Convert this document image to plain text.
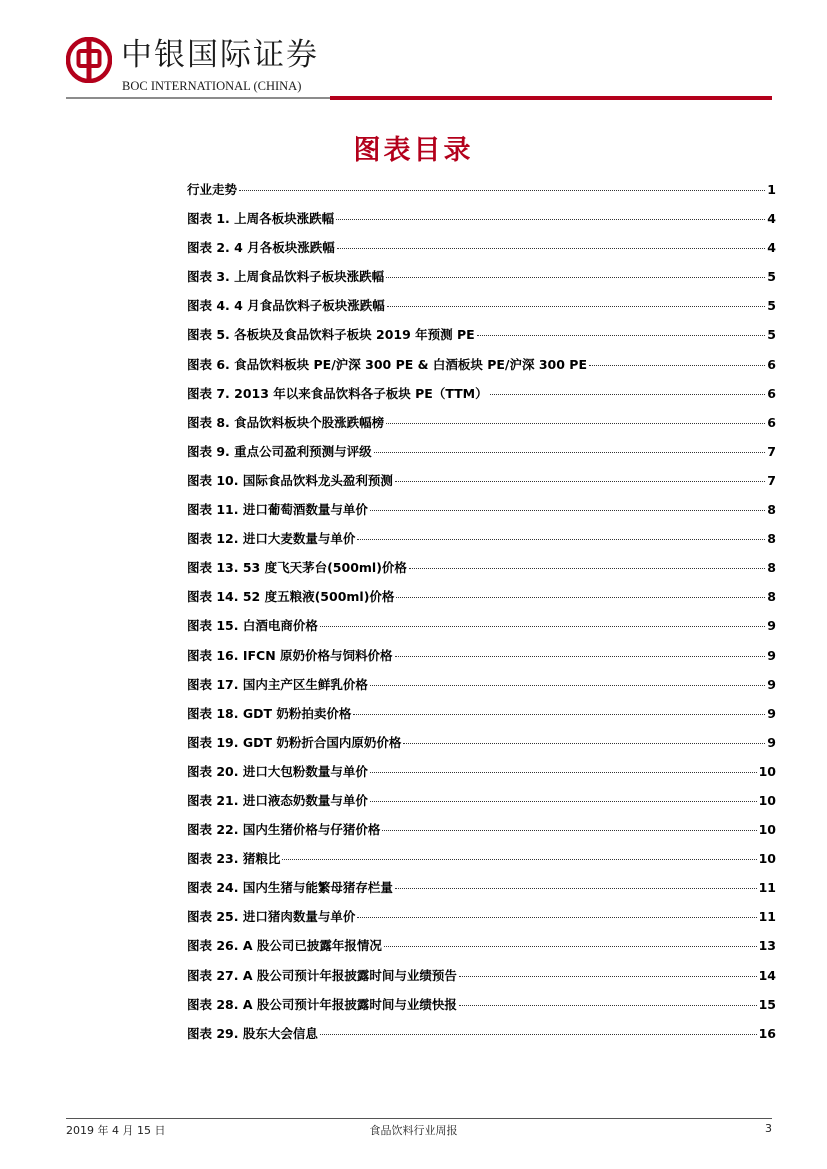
中银国际证券
BOC INTERNATIONAL (CHINA)
图表目录
行业走势	1
图表 1. 上周各板块涨跌幅	4
图表 2. 4 月各板块涨跌幅	4
图表 3. 上周食品饮料子板块涨跌幅	5
图表 4. 4 月食品饮料子板块涨跌幅	5
图表 5. 各板块及食品饮料子板块 2019 年预测 PE	5
图表 6. 食品饮料板块 PE/沪深 300 PE & 白酒板块 PE/沪深 300 PE	6
图表 7. 2013 年以来食品饮料各子板块 PE（TTM）	6
图表 8. 食品饮料板块个股涨跌幅榜	6
图表 9. 重点公司盈利预测与评级	7
图表 10. 国际食品饮料龙头盈利预测	7
图表 11. 进口葡萄酒数量与单价	8
图表 12. 进口大麦数量与单价	8
图表 13. 53 度飞天茅台(500ml)价格	8
图表 14. 52 度五粮液(500ml)价格	8
图表 15. 白酒电商价格	9
图表 16. IFCN 原奶价格与饲料价格	9
图表 17. 国内主产区生鲜乳价格	9
图表 18. GDT 奶粉拍卖价格	9
图表 19. GDT 奶粉折合国内原奶价格	9
图表 20. 进口大包粉数量与单价	10
图表 21. 进口液态奶数量与单价	10
图表 22. 国内生猪价格与仔猪价格	10
图表 23. 猪粮比	10
图表 24. 国内生猪与能繁母猪存栏量	11
图表 25. 进口猪肉数量与单价	11
图表 26. A 股公司已披露年报情况	13
图表 27. A 股公司预计年报披露时间与业绩预告	14
图表 28. A 股公司预计年报披露时间与业绩快报	15
图表 29. 股东大会信息	16
2019 年 4 月 15 日	食品饮料行业周报	3
